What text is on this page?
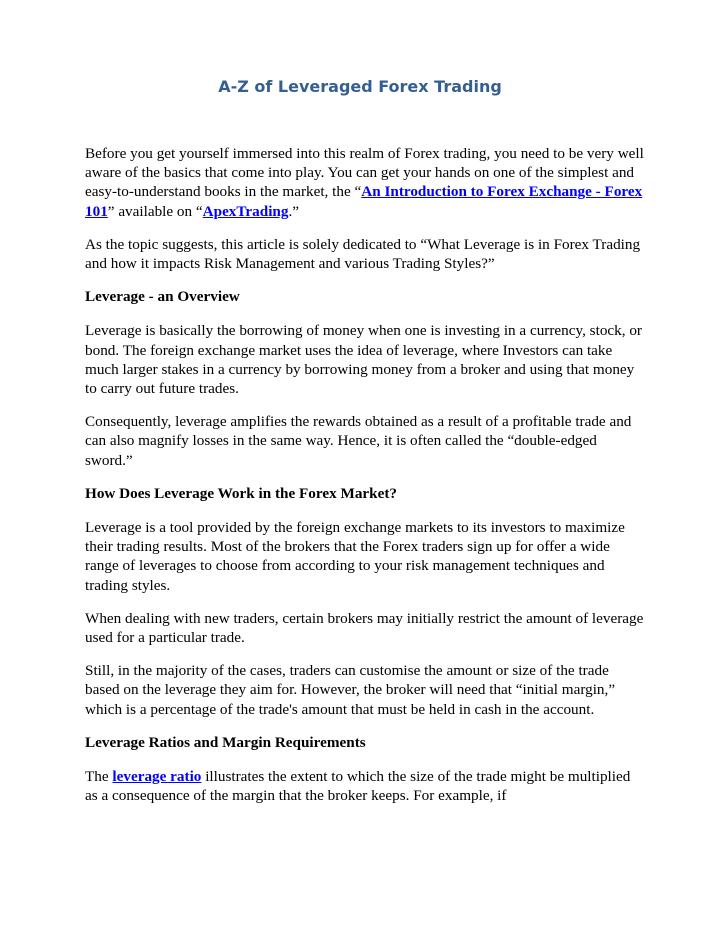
A-Z of Leveraged Forex Trading

Before you get yourself immersed into this realm of Forex trading, you need to be very well aware of the basics that come into play. You can get your hands on one of the simplest and easy-to-understand books in the market, the “An Introduction to Forex Exchange - Forex 101” available on “ApexTrading.”

As the topic suggests, this article is solely dedicated to “What Leverage is in Forex Trading and how it impacts Risk Management and various Trading Styles?”

Leverage - an Overview

Leverage is basically the borrowing of money when one is investing in a currency, stock, or bond. The foreign exchange market uses the idea of leverage, where Investors can take much larger stakes in a currency by borrowing money from a broker and using that money to carry out future trades.

Consequently, leverage amplifies the rewards obtained as a result of a profitable trade and can also magnify losses in the same way. Hence, it is often called the “double-edged sword.”

How Does Leverage Work in the Forex Market?

Leverage is a tool provided by the foreign exchange markets to its investors to maximize their trading results. Most of the brokers that the Forex traders sign up for offer a wide range of leverages to choose from according to your risk management techniques and trading styles.

When dealing with new traders, certain brokers may initially restrict the amount of leverage used for a particular trade.

Still, in the majority of the cases, traders can customise the amount or size of the trade based on the leverage they aim for. However, the broker will need that “initial margin,” which is a percentage of the trade's amount that must be held in cash in the account.

Leverage Ratios and Margin Requirements

The leverage ratio illustrates the extent to which the size of the trade might be multiplied as a consequence of the margin that the broker keeps. For example, if
